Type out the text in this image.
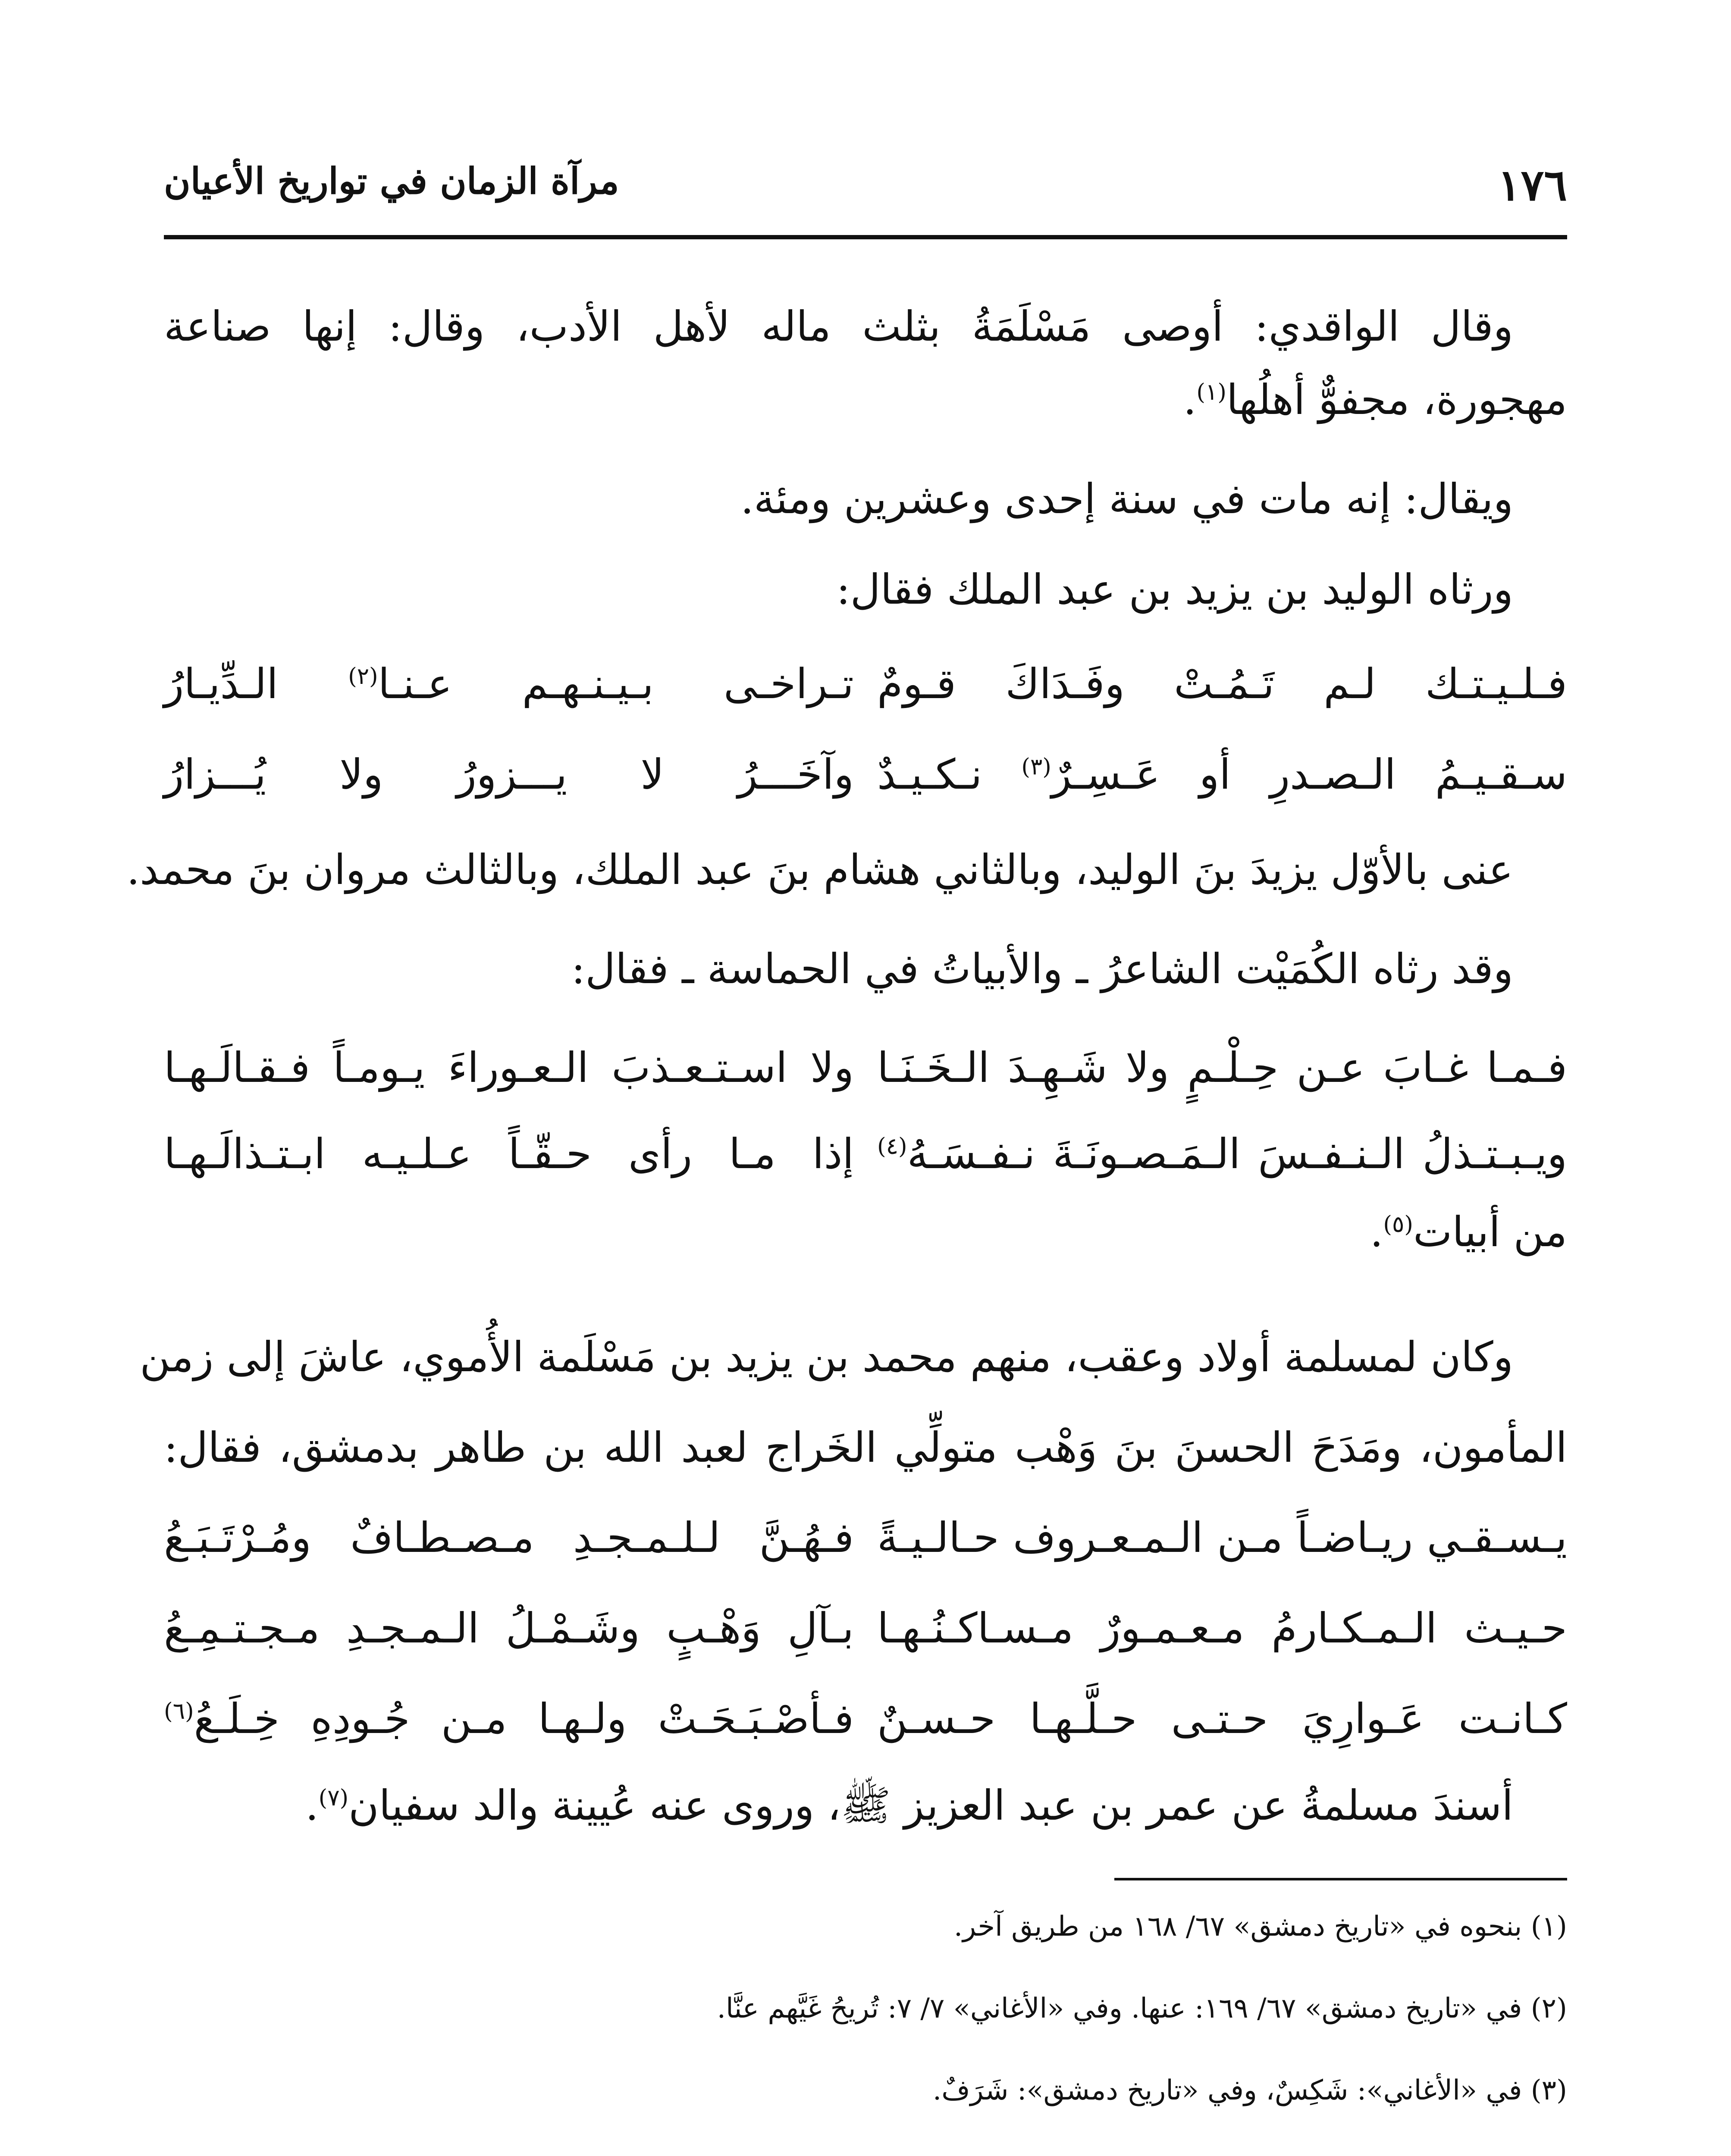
١٧٦
مرآة الزمان في تواريخ الأعيان
وقال الواقدي: أوصى مَسْلَمَةُ بثلث ماله لأهل الأدب، وقال: إنها صناعة
مهجورة، مجفوٌّ أهلُها$^{(١)}$.
ويقال: إنه مات في سنة إحدى وعشرين ومئة.
ورثاه الوليد بن يزيد بن عبد الملك فقال:
فـلـيـتـك لـم تَـمُـتْ وفَـدَاكَ قـومٌ
تـراخـى بـيـنـهـم عـنـا$^{(٢)}$ الـدِّيـارُ
سـقـيـمُ الـصـدرِ أو عَـسِـرٌ$^{(٣)}$ نـكـيـدٌ
وآخَـــرُ لا يـــزورُ ولا يُـــزارُ
عنى بالأوّل يزيدَ بنَ الوليد، وبالثاني هشام بنَ عبد الملك، وبالثالث مروان بنَ محمد.
وقد رثاه الكُمَيْت الشاعرُ ـ والأبياتُ في الحماسة ـ فقال:
فـمـا غـابَ عـن حِـلْـمٍ ولا شَـهِـدَ الـخَـنَـا
ولا اسـتـعـذبَ الـعـوراءَ يـومـاً فـقـالَـهـا
ويـبـتـذلُ الـنـفـسَ الـمَـصـونَـةَ نـفـسَـهُ$^{(٤)}$
إذا مـا رأى حـقّـاً عـلـيـه ابـتـذالَـهـا
من أبيات$^{(٥)}$.
وكان لمسلمة أولاد وعقب، منهم محمد بن يزيد بن مَسْلَمة الأُموي، عاشَ إلى زمن
المأمون، ومَدَحَ الحسنَ بنَ وَهْب متولِّي الخَراج لعبد الله بن طاهر بدمشق، فقال:
يـسـقـي ريـاضـاً مـن الـمـعـروف حـالـيـةً
فـهُـنَّ لـلـمـجـدِ مـصـطـافٌ ومُـرْتَـبَـعُ
حـيـث الـمـكـارمُ مـعـمـورٌ مـسـاكـنُـهـا
بـآلِ وَهْـبٍ وشَـمْـلُ الـمـجـدِ مـجـتـمِـعُ
كـانـت عَـوارِيَ حـتـى حـلَّـهـا حـسـنٌ
فـأصْـبَـحَـتْ ولـهـا مـن جُـودِهِ خِـلَـعُ$^{(٦)}$
أسندَ مسلمةُ عن عمر بن عبد العزيز ﷺ، وروى عنه عُيينة والد سفيان$^{(٧)}$.
(١) بنحوه في «تاريخ دمشق» ٦٧/ ١٦٨ من طريق آخر.
(٢) في «تاريخ دمشق» ٦٧/ ١٦٩: عنها. وفي «الأغاني» ٧/ ٧: تُريحُ غَيَّهم عنَّا.
(٣) في «الأغاني»: شَكِسٌ، وفي «تاريخ دمشق»: شَرَفٌ.
